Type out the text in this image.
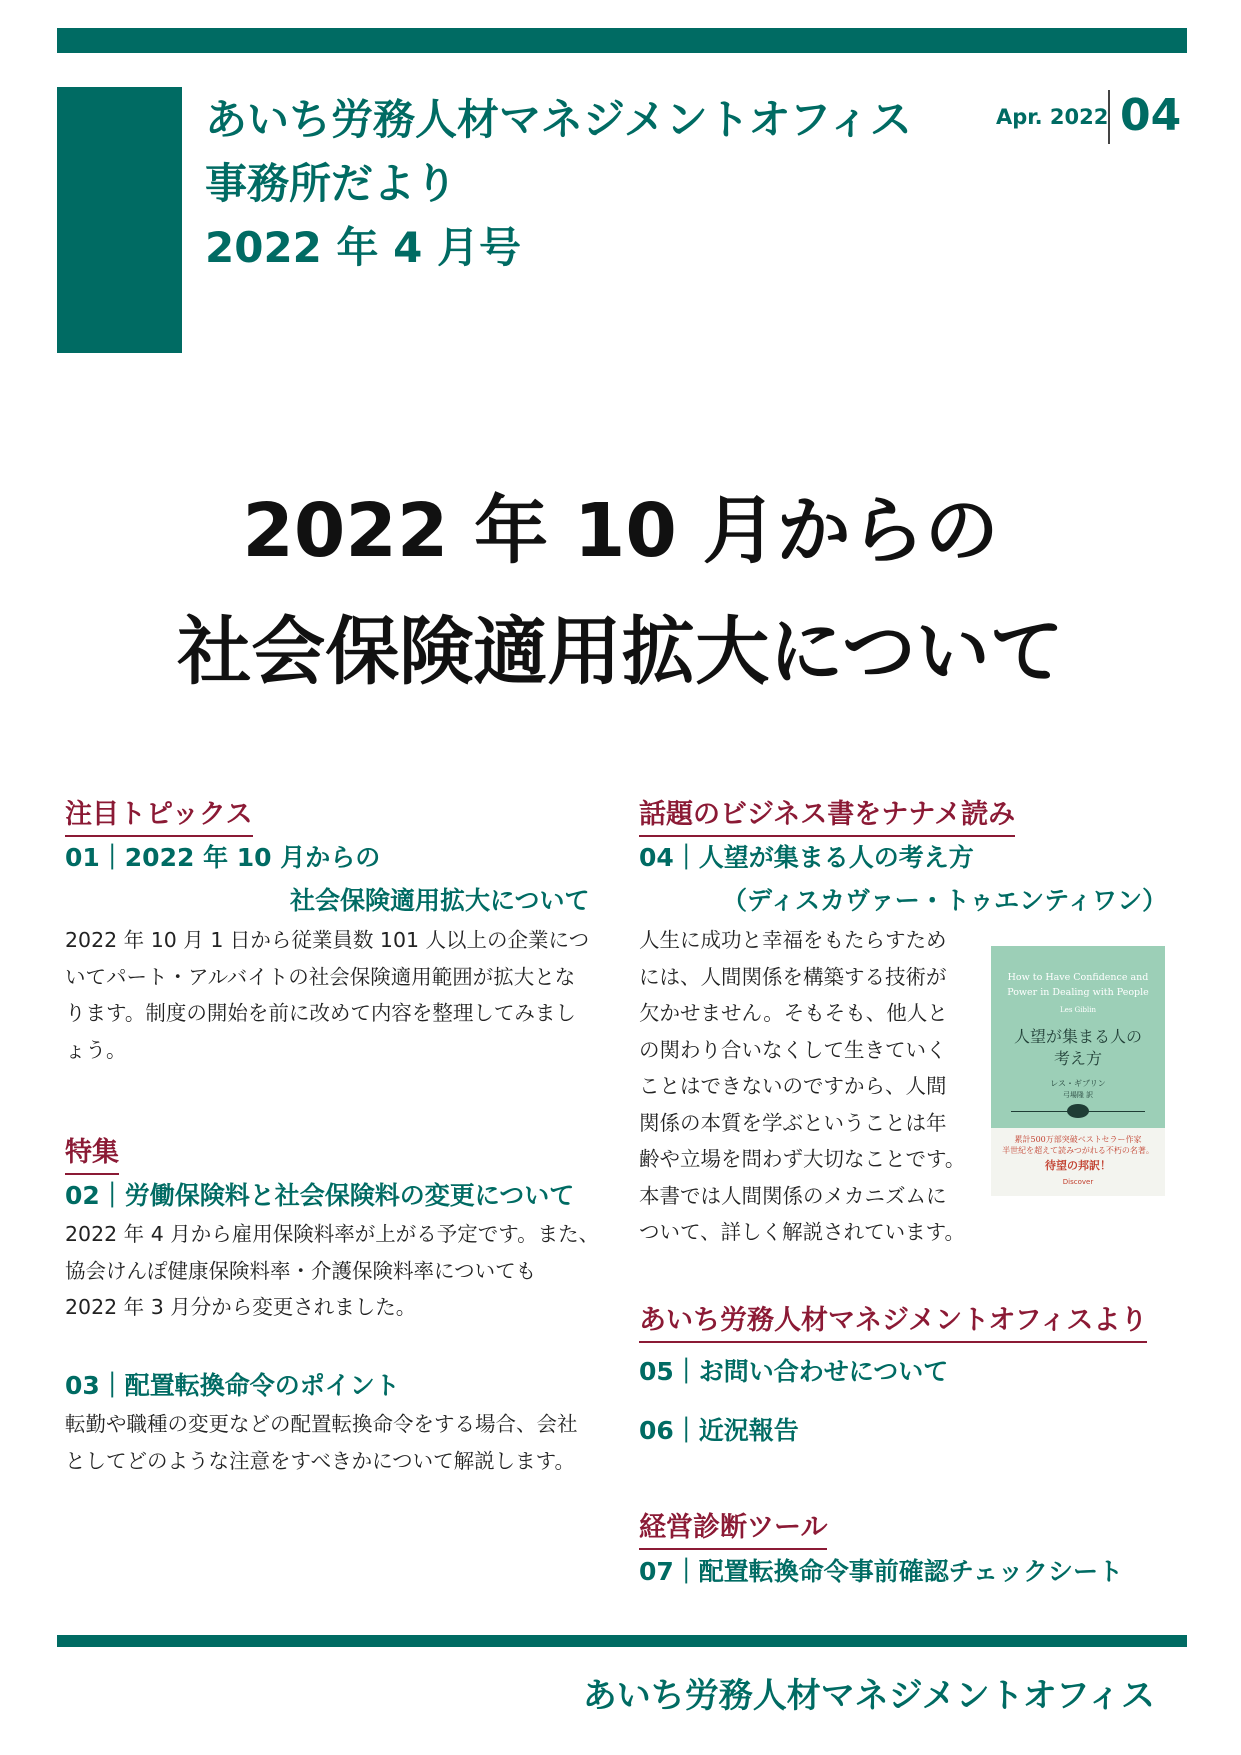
あいち労務人材マネジメントオフィス
事務所だより
2022 年 4 月号
Apr. 2022 04
2022 年 10 月からの
社会保険適用拡大について
注目トピックス
01｜2022 年 10 月からの
社会保険適用拡大について
2022 年 10 月 1 日から従業員数 101 人以上の企業につ
いてパート・アルバイトの社会保険適用範囲が拡大とな
ります。制度の開始を前に改めて内容を整理してみまし
ょう。
特集
02｜労働保険料と社会保険料の変更について
2022 年 4 月から雇用保険料率が上がる予定です。また、
協会けんぽ健康保険料率・介護保険料率についても
2022 年 3 月分から変更されました。
03｜配置転換命令のポイント
転勤や職種の変更などの配置転換命令をする場合、会社
としてどのような注意をすべきかについて解説します。
話題のビジネス書をナナメ読み
04｜人望が集まる人の考え方
（ディスカヴァー・トゥエンティワン）
人生に成功と幸福をもたらすため
には、人間関係を構築する技術が
欠かせません。そもそも、他人と
の関わり合いなくして生きていく
ことはできないのですから、人間
関係の本質を学ぶということは年
齢や立場を問わず大切なことです。
本書では人間関係のメカニズムに
ついて、詳しく解説されています。
How to Have Confidence and
Power in Dealing with People
Les Giblin
人望が集まる人の
考え方
レス・ギブリン
弓場隆 訳
累計500万部突破ベストセラー作家
半世紀を超えて読みつがれる不朽の名著。
待望の邦訳！
Discover
あいち労務人材マネジメントオフィスより
05｜お問い合わせについて
06｜近況報告
経営診断ツール
07｜配置転換命令事前確認チェックシート
あいち労務人材マネジメントオフィス
